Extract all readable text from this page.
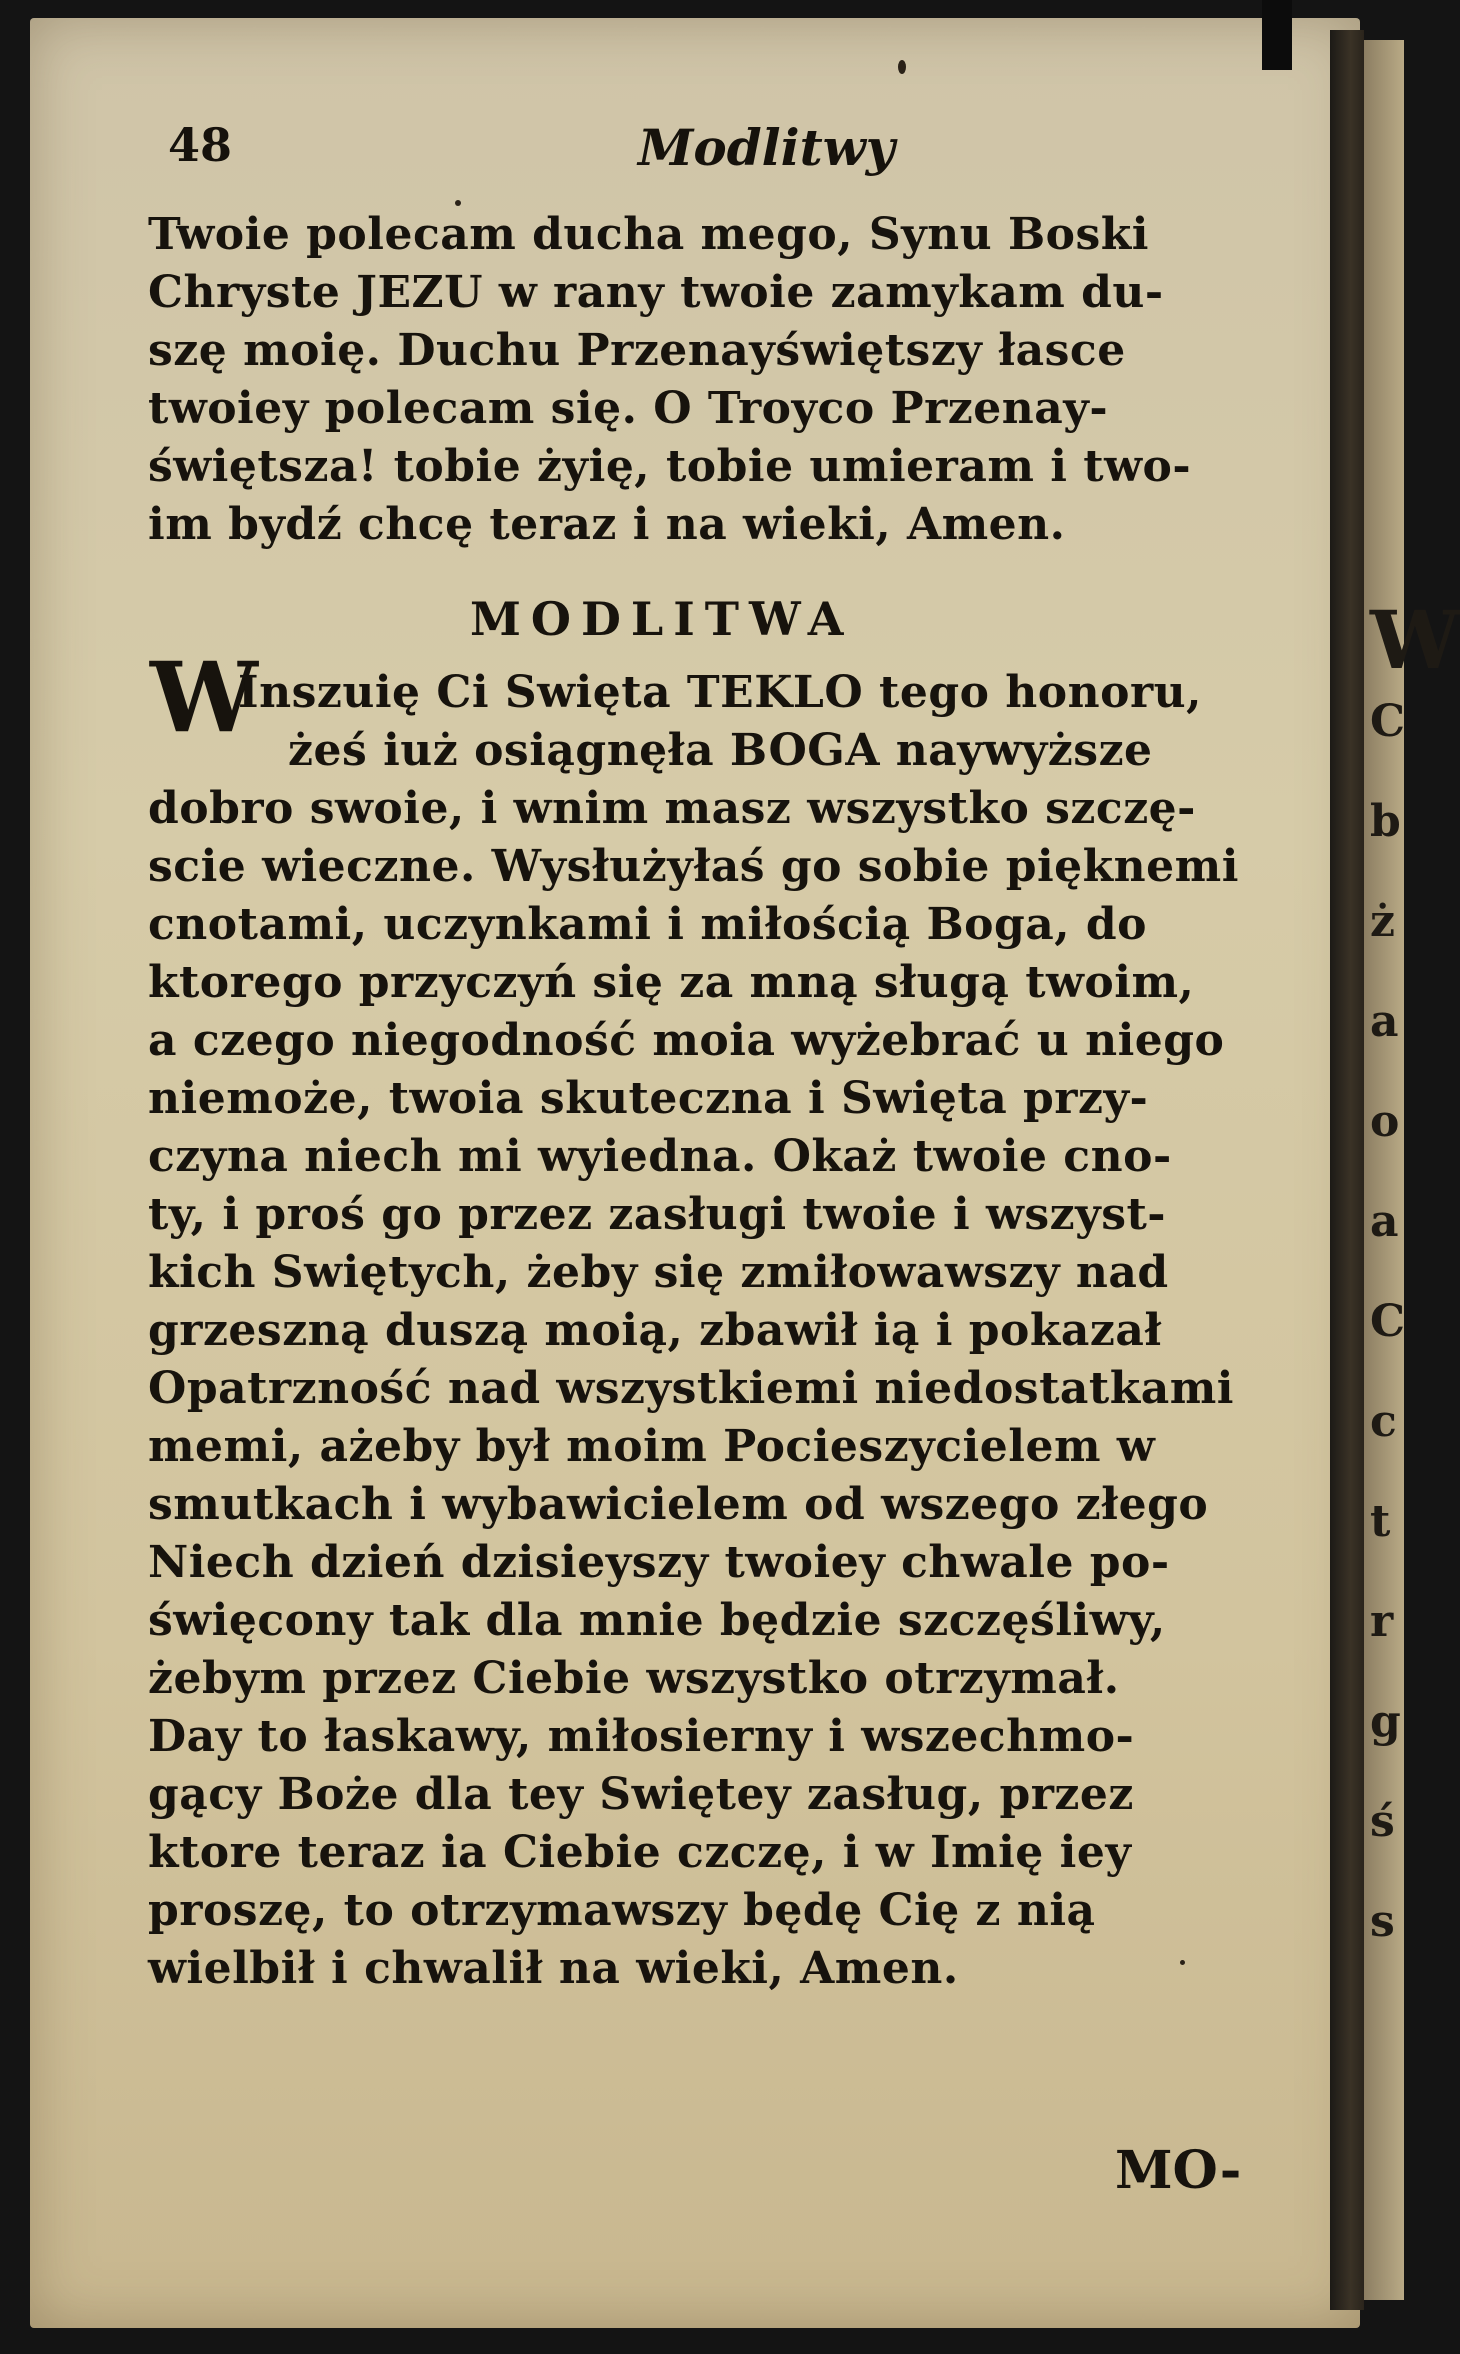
W
C
b
ż
a
o
a
C
c
t
r
g
ś
s
48	Modlitwy
Twoie polecam ducha mego, Synu Boski
Chryste JEZU w rany twoie zamykam du-
szę moię. Duchu Przenayświętszy łasce
twoiey polecam się. O Troyco Przenay-
świętsza! tobie żyię, tobie umieram i two-
im bydź chcę teraz i na wieki, Amen.
MODLITWA
W
Inszuię Ci Swięta TEKLO tego honoru,
żeś iuż osiągnęła BOGA naywyższe
dobro swoie, i wnim masz wszystko szczę-
scie wieczne. Wysłużyłaś go sobie pięknemi
cnotami, uczynkami i miłością Boga, do
ktorego przyczyń się za mną sługą twoim,
a czego niegodność moia wyżebrać u niego
niemoże, twoia skuteczna i Swięta przy-
czyna niech mi wyiedna. Okaż twoie cno-
ty, i proś go przez zasługi twoie i wszyst-
kich Swiętych, żeby się zmiłowawszy nad
grzeszną duszą moią, zbawił ią i pokazał
Opatrzność nad wszystkiemi niedostatkami
memi, ażeby był moim Pocieszycielem w
smutkach i wybawicielem od wszego złego
Niech dzień dzisieyszy twoiey chwale po-
święcony tak dla mnie będzie szczęśliwy,
żebym przez Ciebie wszystko otrzymał.
Day to łaskawy, miłosierny i wszechmo-
gący Boże dla tey Swiętey zasług, przez
ktore teraz ia Ciebie czczę, i w Imię iey
proszę, to otrzymawszy będę Cię z nią
wielbił i chwalił na wieki, Amen.
MO-
